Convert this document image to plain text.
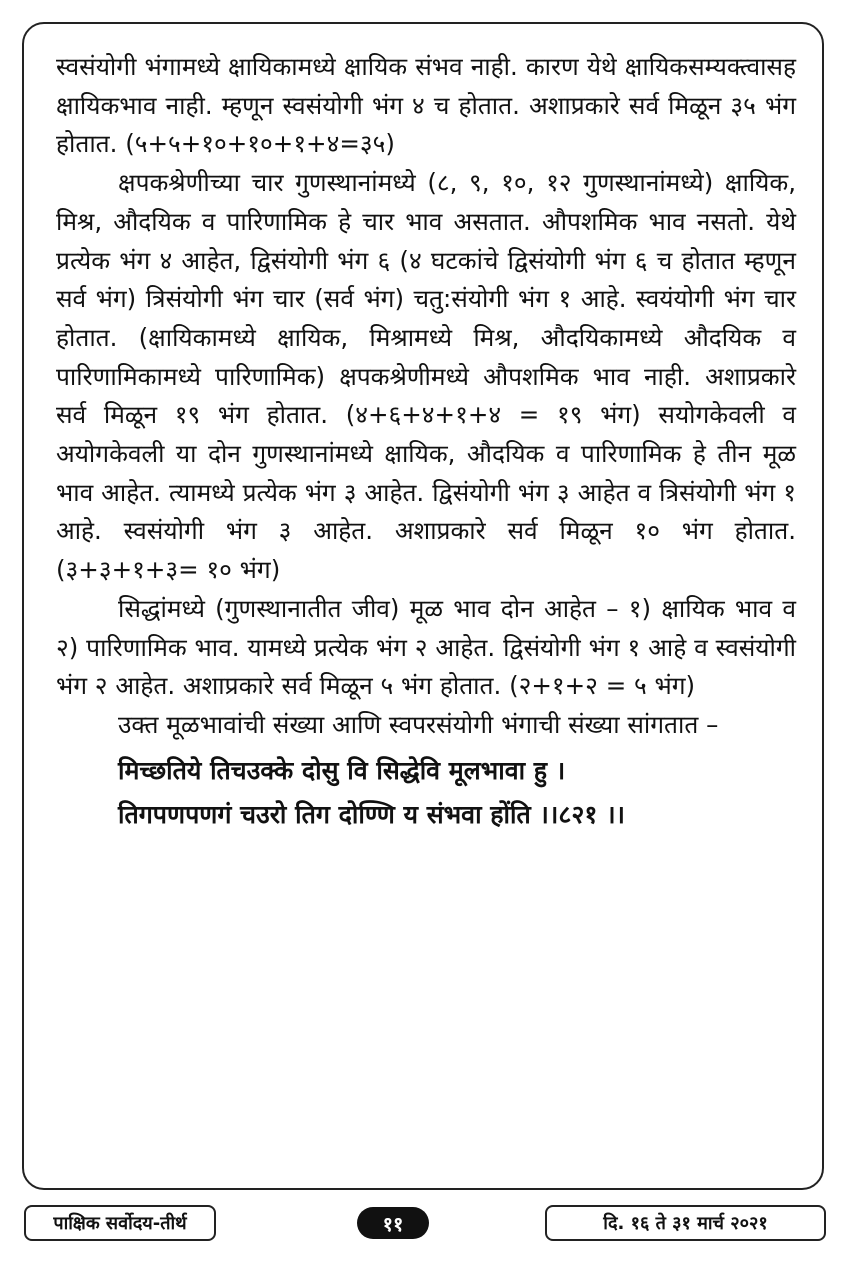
स्वसंयोगी भंगामध्ये क्षायिकामध्ये क्षायिक संभव नाही. कारण येथे क्षायिकसम्यक्त्वासह क्षायिकभाव नाही. म्हणून स्वसंयोगी भंग ४ च होतात. अशाप्रकारे सर्व मिळून ३५ भंग होतात. (५+५+१०+१०+१+४=३५)

क्षपकश्रेणीच्या चार गुणस्थानांमध्ये (८, ९, १०, १२ गुणस्थानांमध्ये) क्षायिक, मिश्र, औदयिक व पारिणामिक हे चार भाव असतात. औपशमिक भाव नसतो. येथे प्रत्येक भंग ४ आहेत, द्विसंयोगी भंग ६ (४ घटकांचे द्विसंयोगी भंग ६ च होतात म्हणून सर्व भंग) त्रिसंयोगी भंग चार (सर्व भंग) चतु:संयोगी भंग १ आहे. स्वयंयोगी भंग चार होतात. (क्षायिकामध्ये क्षायिक, मिश्रामध्ये मिश्र, औदयिकामध्ये औदयिक व पारिणामिकामध्ये पारिणामिक) क्षपकश्रेणीमध्ये औपशमिक भाव नाही. अशाप्रकारे सर्व मिळून १९ भंग होतात. (४+६+४+१+४ = १९ भंग) सयोगकेवली व अयोगकेवली या दोन गुणस्थानांमध्ये क्षायिक, औदयिक व पारिणामिक हे तीन मूळ भाव आहेत. त्यामध्ये प्रत्येक भंग ३ आहेत. द्विसंयोगी भंग ३ आहेत व त्रिसंयोगी भंग १ आहे. स्वसंयोगी भंग ३ आहेत. अशाप्रकारे सर्व मिळून १० भंग होतात. (३+३+१+३= १० भंग)

सिद्धांमध्ये (गुणस्थानातीत जीव) मूळ भाव दोन आहेत – १) क्षायिक भाव व २) पारिणामिक भाव. यामध्ये प्रत्येक भंग २ आहेत. द्विसंयोगी भंग १ आहे व स्वसंयोगी भंग २ आहेत. अशाप्रकारे सर्व मिळून ५ भंग होतात. (२+१+२ = ५ भंग)

उक्त मूळभावांची संख्या आणि स्वपरसंयोगी भंगाची संख्या सांगतात –

मिच्छतिये तिचउक्के दोसु वि सिद्धेवि मूलभावा हु ।
तिगपणपणगं चउरो तिग दोण्णि य संभवा होंति ।।८२१ ।।
पाक्षिक सर्वोदय-तीर्थ	११	दि. १६ ते ३१ मार्च २०२१
